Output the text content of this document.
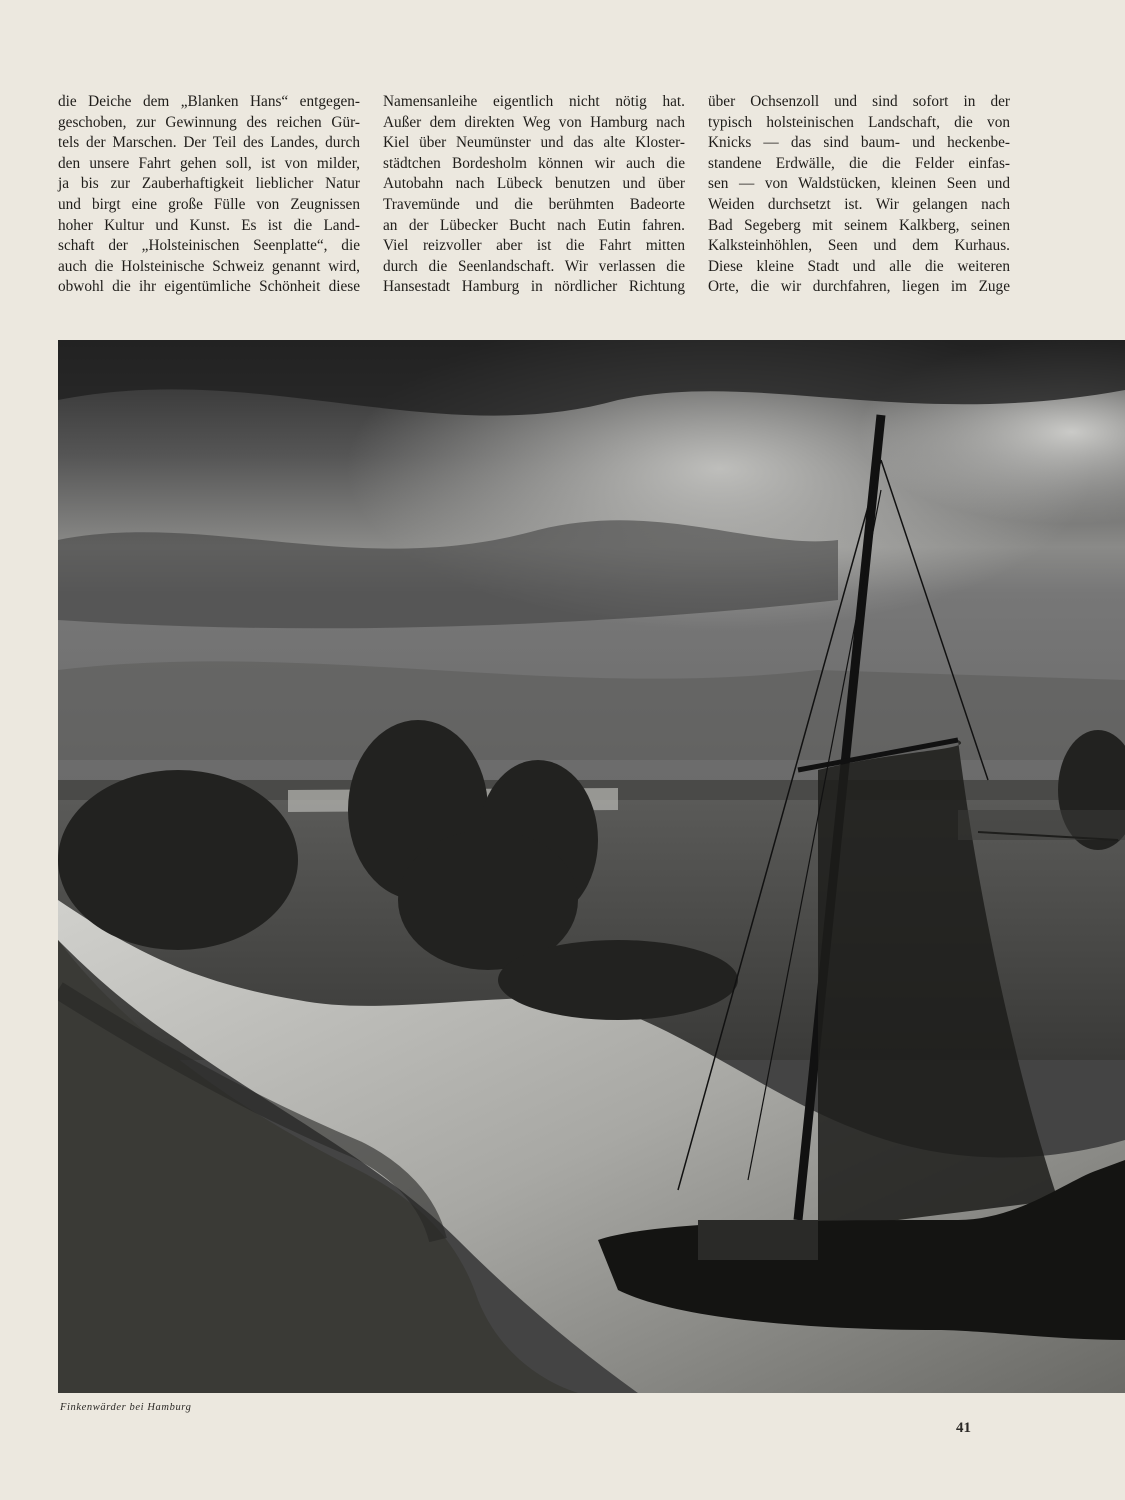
die Deiche dem „Blanken Hans“ entgegen-
geschoben, zur Gewinnung des reichen Gür-
tels der Marschen. Der Teil des Landes, durch
den unsere Fahrt gehen soll, ist von milder,
ja bis zur Zauberhaftigkeit lieblicher Natur
und birgt eine große Fülle von Zeugnissen
hoher Kultur und Kunst. Es ist die Land-
schaft der „Holsteinischen Seenplatte“, die
auch die Holsteinische Schweiz genannt wird,
obwohl die ihr eigentümliche Schönheit diese

Namensanleihe eigentlich nicht nötig hat.
Außer dem direkten Weg von Hamburg nach
Kiel über Neumünster und das alte Kloster-
städtchen Bordesholm können wir auch die
Autobahn nach Lübeck benutzen und über
Travemünde und die berühmten Badeorte
an der Lübecker Bucht nach Eutin fahren.
Viel reizvoller aber ist die Fahrt mitten
durch die Seenlandschaft. Wir verlassen die
Hansestadt Hamburg in nördlicher Richtung

über Ochsenzoll und sind sofort in der
typisch holsteinischen Landschaft, die von
Knicks — das sind baum- und heckenbe-
standene Erdwälle, die die Felder einfas-
sen — von Waldstücken, kleinen Seen und
Weiden durchsetzt ist. Wir gelangen nach
Bad Segeberg mit seinem Kalkberg, seinen
Kalksteinhöhlen, Seen und dem Kurhaus.
Diese kleine Stadt und alle die weiteren
Orte, die wir durchfahren, liegen im Zuge

Finkenwärder bei Hamburg
41
